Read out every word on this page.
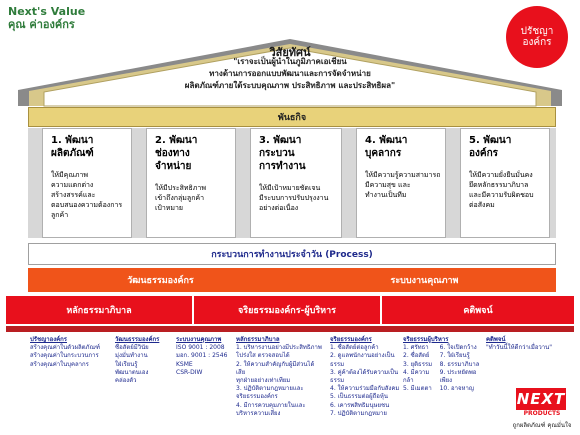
Next's Value
คุณ ค่าองค์กร
ปรัชญาองค์กร
วิสัยทัศน์
"เราจะเป็นผู้นำในภูมิภาคเอเชียน
ทางด้านการออกแบบพัฒนาและการจัดจำหน่าย
ผลิตภัณฑ์ภายใต้ระบบคุณภาพ ประสิทธิภาพ และประสิทธิผล"
พันธกิจ
1. พัฒนา
ผลิตภัณฑ์
ให้มีคุณภาพ
ความแตกต่าง
สร้างสรรค์และ
ตอบสนองความต้องการลูกค้า
2. พัฒนา
ช่องทาง
จำหน่าย
ให้มีประสิทธิภาพ
เข้าถึงกลุ่มลูกค้า
เป้าหมาย
3. พัฒนา
กระบวน
การทำงาน
ให้มีเป้าหมายชัดเจน
มีระบบการปรับปรุงงาน
อย่างต่อเนื่อง
4. พัฒนา
บุคลากร
ให้มีความรู้ความสามารถ
มีความสุข และ
ทำงานเป็นทีม
5. พัฒนา
องค์กร
ให้มีความยั่งยืนมั่นคง
ยึดหลักธรรมาภิบาล
และมีความรับผิดชอบ
ต่อสังคม
กระบวนการทำงานประจำวัน (Process)
วัฒนธรรมองค์กร	ระบบงานคุณภาพ
หลักธรรมาภิบาล	จริยธรรมองค์กร-ผู้บริหาร	คติพจน์
ปรัชญาองค์กร
สร้างคุณค่าในตัวผลิตภัณฑ์
สร้างคุณค่าในกระบวนการ
สร้างคุณค่าในบุคลากร
วัฒนธรรมองค์กร
ซื่อสัตย์มีวินัย
มุ่งมั่นทำงาน
ใฝ่เรียนรู้
พัฒนาตนเอง
คล่องตัว
ระบบงานคุณภาพ
ISO 9001 : 2008
มอก. 9001 : 2546
KSME
CSR-DIW
หลักธรรมาภิบาล
1. บริหารงานอย่างมีประสิทธิภาพ
โปร่งใส ตรวจสอบได้
2. ให้ความสำคัญกับผู้มีส่วนได้เสีย
ทุกฝ่ายอย่างเท่าเทียม
3. ปฏิบัติตามกฎหมายและ
จริยธรรมองค์กร
4. มีการควบคุมภายในและ
บริหารความเสี่ยง
จริยธรรมองค์กร
1. ซื่อสัตย์ต่อลูกค้า
2. ดูแลพนักงานอย่างเป็นธรรม
3. คู่ค้าต้องได้รับความเป็นธรรม
4. ให้ความร่วมมือกับสังคม
5. เป็นธรรมต่อผู้ถือหุ้น
6. เคารพสิทธิมนุษยชน
7. ปฏิบัติตามกฎหมาย
จริยธรรมผู้บริหาร
1. ศรัทธา
2. ซื่อสัตย์
3. ยุติธรรม
4. มีความกล้า
5. มีเมตตา
6. ใจเปิดกว้าง
7. ใฝ่เรียนรู้
8. ธรรมาภิบาล
9. ประหยัดพอเพียง
10. อาจหาญ
คติพจน์
"ทำวันนี้ให้ดีกว่าเมื่อวาน"
NEXT
PRODUCTS
ถูกผลิตภัณฑ์ คุณมั่นใจ
